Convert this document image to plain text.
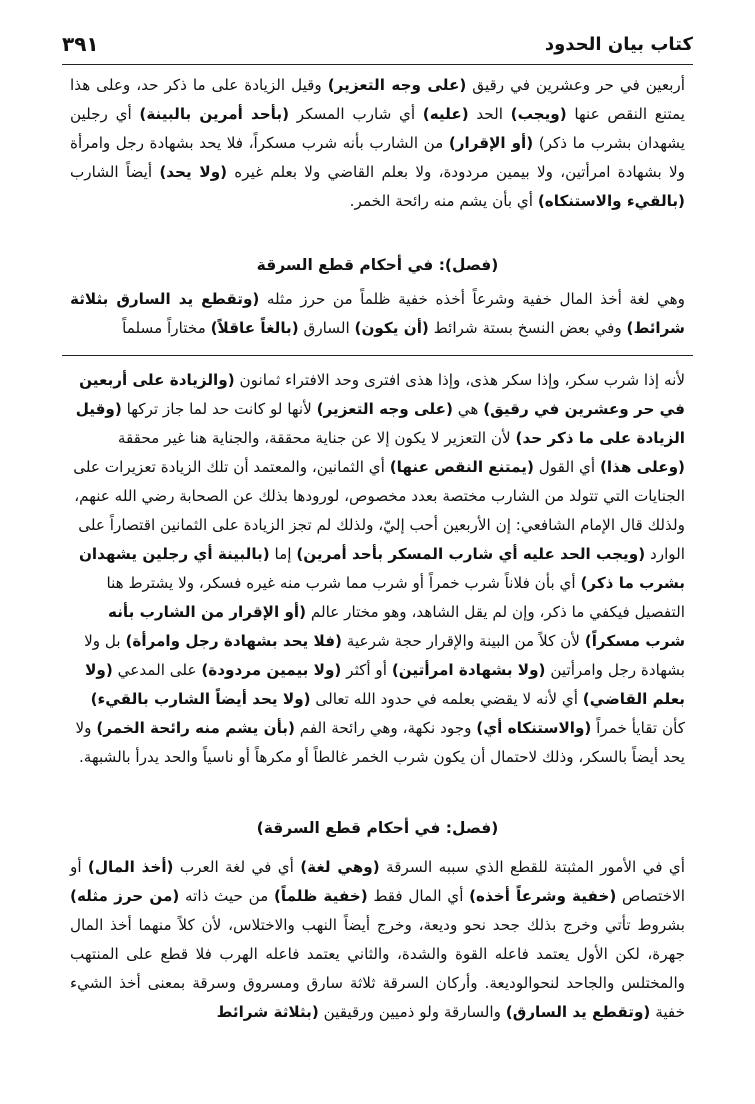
كتاب بيان الحدود
٣٩١

أربعين في حر وعشرين في رقيق (على وجه التعزير) وقيل الزيادة على ما ذكر حد، وعلى هذا يمتنع النقص عنها (ويجب) الحد (عليه) أي شارب المسكر (بأحد أمرين بالبينة) أي رجلين يشهدان بشرب ما ذكر) (أو الإقرار) من الشارب بأنه شرب مسكراً، فلا يحد بشهادة رجل وامرأة ولا بشهادة امرأتين، ولا بيمين مردودة، ولا بعلم القاضي ولا بعلم غيره (ولا يحد) أيضاً الشارب (بالقيء والاستنكاه) أي بأن يشم منه رائحة الخمر.

(فصل): في أحكام قطع السرقة

وهي لغة أخذ المال خفية وشرعاً أخذه خفية ظلماً من حرز مثله (وتقطع يد السارق بثلاثة شرائط) وفي بعض النسخ بستة شرائط (أن يكون) السارق (بالغاً عاقلاً) مختاراً مسلماً

لأنه إذا شرب سكر، وإذا سكر هذى، وإذا هذى افترى وحد الافتراء ثمانون (والزيادة على أربعين في حر وعشرين في رقيق) هي (على وجه التعزير) لأنها لو كانت حد لما جاز تركها (وقيل الزيادة على ما ذكر حد) لأن التعزير لا يكون إلا عن جناية محققة، والجناية هنا غير محققة (وعلى هذا) أي القول (يمتنع النقص عنها) أي الثمانين، والمعتمد أن تلك الزيادة تعزيرات على الجنايات التي تتولد من الشارب مختصة بعدد مخصوص، لورودها بذلك عن الصحابة رضي الله عنهم، ولذلك قال الإمام الشافعي: إن الأربعين أحب إليّ، ولذلك لم تجز الزيادة على الثمانين اقتصاراً على الوارد (ويجب الحد عليه أي شارب المسكر بأحد أمرين) إما (بالبينة أي رجلين يشهدان بشرب ما ذكر) أي بأن فلاناً شرب خمراً أو شرب مما شرب منه غيره فسكر، ولا يشترط هنا التفصيل فيكفي ما ذكر، وإن لم يقل الشاهد، وهو مختار عالم (أو الإقرار من الشارب بأنه شرب مسكراً) لأن كلاً من البينة والإقرار حجة شرعية (فلا يحد بشهادة رجل وامرأة) بل ولا بشهادة رجل وامرأتين (ولا بشهادة امرأتين) أو أكثر (ولا بيمين مردودة) على المدعي (ولا بعلم القاضي) أي لأنه لا يقضي بعلمه في حدود الله تعالى (ولا يحد أيضاً الشارب بالقيء) كأن تقايأ خمراً (والاستنكاه أي) وجود نكهة، وهي رائحة الفم (بأن يشم منه رائحة الخمر) ولا يحد أيضاً بالسكر، وذلك لاحتمال أن يكون شرب الخمر غالطاً أو مكرهاً أو ناسياً والحد يدرأ بالشبهة.

(فصل: في أحكام قطع السرقة)

أي في الأمور المثبتة للقطع الذي سببه السرقة (وهي لغة) أي في لغة العرب (أخذ المال) أو الاختصاص (خفية وشرعاً أخذه) أي المال فقط (خفية ظلماً) من حيث ذاته (من حرز مثله) بشروط تأتي وخرج بذلك جحد نحو وديعة، وخرج أيضاً النهب والاختلاس، لأن كلاً منهما أخذ المال جهرة، لكن الأول يعتمد فاعله القوة والشدة، والثاني يعتمد فاعله الهرب فلا قطع على المنتهب والمختلس والجاحد لنحوالوديعة. وأركان السرقة ثلاثة سارق ومسروق وسرقة بمعنى أخذ الشيء خفية (وتقطع يد السارق) والسارقة ولو ذميين ورقيقين (بثلاثة شرائط
